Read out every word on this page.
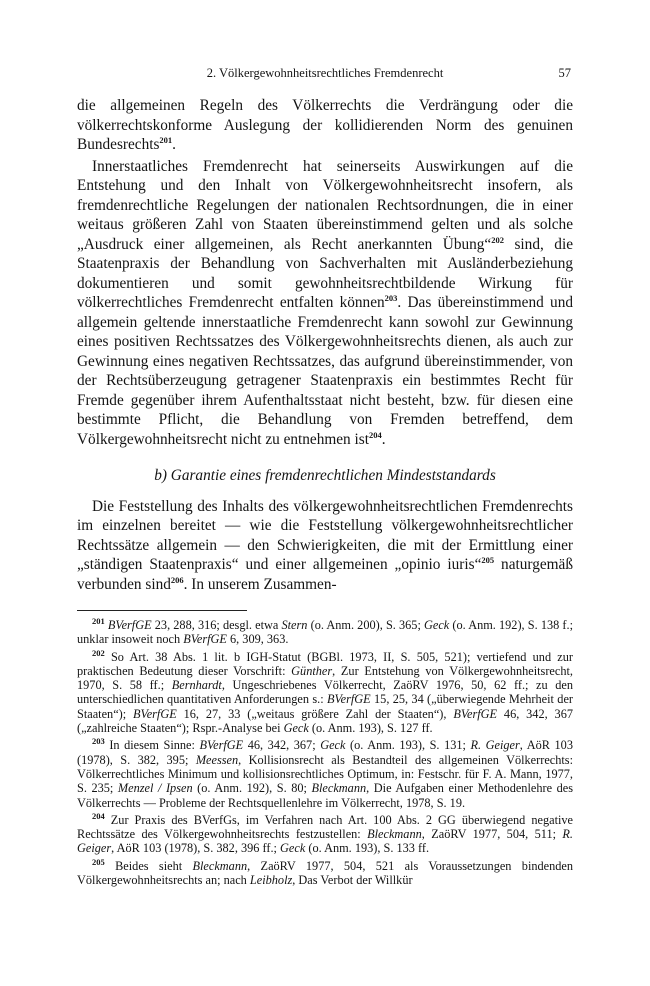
2. Völkergewohnheitsrechtliches Fremdenrecht	57

die allgemeinen Regeln des Völkerrechts die Verdrängung oder die völkerrechtskonforme Auslegung der kollidierenden Norm des genuinen Bundesrechts$^{201}$.

Innerstaatliches Fremdenrecht hat seinerseits Auswirkungen auf die Entstehung und den Inhalt von Völkergewohnheitsrecht insofern, als fremdenrechtliche Regelungen der nationalen Rechtsordnungen, die in einer weitaus größeren Zahl von Staaten übereinstimmend gelten und als solche „Ausdruck einer allgemeinen, als Recht anerkannten Übung“$^{202}$ sind, die Staatenpraxis der Behandlung von Sachverhalten mit Ausländerbeziehung dokumentieren und somit gewohnheitsrechtbildende Wirkung für völkerrechtliches Fremdenrecht entfalten können$^{203}$. Das übereinstimmend und allgemein geltende innerstaatliche Fremdenrecht kann sowohl zur Gewinnung eines positiven Rechtssatzes des Völkergewohnheitsrechts dienen, als auch zur Gewinnung eines negativen Rechtssatzes, das aufgrund übereinstimmender, von der Rechtsüberzeugung getragener Staatenpraxis ein bestimmtes Recht für Fremde gegenüber ihrem Aufenthaltsstaat nicht besteht, bzw. für diesen eine bestimmte Pflicht, die Behandlung von Fremden betreffend, dem Völkergewohnheitsrecht nicht zu entnehmen ist$^{204}$.

b) Garantie eines fremdenrechtlichen Mindeststandards

Die Feststellung des Inhalts des völkergewohnheitsrechtlichen Fremdenrechts im einzelnen bereitet — wie die Feststellung völkergewohnheitsrechtlicher Rechtssätze allgemein — den Schwierigkeiten, die mit der Ermittlung einer „ständigen Staatenpraxis“ und einer allgemeinen „opinio iuris“$^{205}$ naturgemäß verbunden sind$^{206}$. In unserem Zusammen-

$^{201}$ BVerfGE 23, 288, 316; desgl. etwa Stern (o. Anm. 200), S. 365; Geck (o. Anm. 192), S. 138 f.; unklar insoweit noch BVerfGE 6, 309, 363.

$^{202}$ So Art. 38 Abs. 1 lit. b IGH-Statut (BGBl. 1973, II, S. 505, 521); vertiefend und zur praktischen Bedeutung dieser Vorschrift: Günther, Zur Entstehung von Völkergewohnheitsrecht, 1970, S. 58 ff.; Bernhardt, Ungeschriebenes Völkerrecht, ZaöRV 1976, 50, 62 ff.; zu den unterschiedlichen quantitativen Anforderungen s.: BVerfGE 15, 25, 34 („überwiegende Mehrheit der Staaten“); BVerfGE 16, 27, 33 („weitaus größere Zahl der Staaten“), BVerfGE 46, 342, 367 („zahlreiche Staaten“); Rspr.-Analyse bei Geck (o. Anm. 193), S. 127 ff.

$^{203}$ In diesem Sinne: BVerfGE 46, 342, 367; Geck (o. Anm. 193), S. 131; R. Geiger, AöR 103 (1978), S. 382, 395; Meessen, Kollisionsrecht als Bestandteil des allgemeinen Völkerrechts: Völkerrechtliches Minimum und kollisionsrechtliches Optimum, in: Festschr. für F. A. Mann, 1977, S. 235; Menzel / Ipsen (o. Anm. 192), S. 80; Bleckmann, Die Aufgaben einer Methodenlehre des Völkerrechts — Probleme der Rechtsquellenlehre im Völkerrecht, 1978, S. 19.

$^{204}$ Zur Praxis des BVerfGs, im Verfahren nach Art. 100 Abs. 2 GG überwiegend negative Rechtssätze des Völkergewohnheitsrechts festzustellen: Bleckmann, ZaöRV 1977, 504, 511; R. Geiger, AöR 103 (1978), S. 382, 396 ff.; Geck (o. Anm. 193), S. 133 ff.

$^{205}$ Beides sieht Bleckmann, ZaöRV 1977, 504, 521 als Voraussetzungen bindenden Völkergewohnheitsrechts an; nach Leibholz, Das Verbot der Willkür
